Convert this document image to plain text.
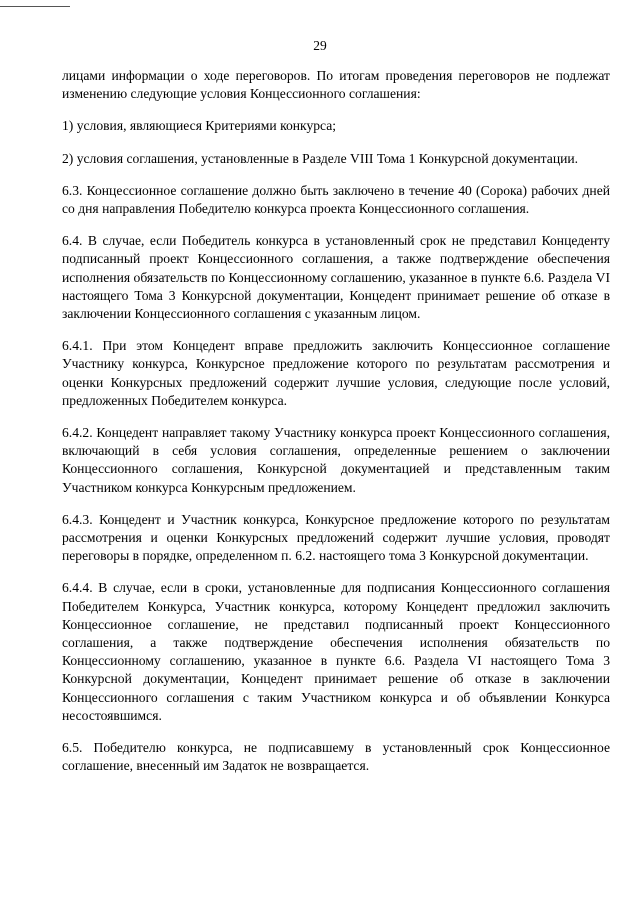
29

лицами информации о ходе переговоров. По итогам проведения переговоров не подлежат изменению следующие условия Концессионного соглашения:

1) условия, являющиеся Критериями конкурса;

2) условия соглашения, установленные в Разделе VIII Тома 1 Конкурсной документации.

6.3. Концессионное соглашение должно быть заключено в течение 40 (Сорока) рабочих дней со дня направления Победителю конкурса проекта Концессионного соглашения.

6.4. В случае, если Победитель конкурса в установленный срок не представил Концеденту подписанный проект Концессионного соглашения, а также подтверждение обеспечения исполнения обязательств по Концессионному соглашению, указанное в пункте 6.6. Раздела VI настоящего Тома 3 Конкурсной документации, Концедент принимает решение об отказе в заключении Концессионного соглашения с указанным лицом.

6.4.1. При этом Концедент вправе предложить заключить Концессионное соглашение Участнику конкурса, Конкурсное предложение которого по результатам рассмотрения и оценки Конкурсных предложений содержит лучшие условия, следующие после условий, предложенных Победителем конкурса.

6.4.2. Концедент направляет такому Участнику конкурса проект Концессионного соглашения, включающий в себя условия соглашения, определенные решением о заключении Концессионного соглашения, Конкурсной документацией и представленным таким Участником конкурса Конкурсным предложением.

6.4.3. Концедент и Участник конкурса, Конкурсное предложение которого по результатам рассмотрения и оценки Конкурсных предложений содержит лучшие условия, проводят переговоры в порядке, определенном п. 6.2. настоящего тома 3 Конкурсной документации.

6.4.4. В случае, если в сроки, установленные для подписания Концессионного соглашения Победителем Конкурса, Участник конкурса, которому Концедент предложил заключить Концессионное соглашение, не представил подписанный проект Концессионного соглашения, а также подтверждение обеспечения исполнения обязательств по Концессионному соглашению, указанное в пункте 6.6. Раздела VI настоящего Тома 3 Конкурсной документации, Концедент принимает решение об отказе в заключении Концессионного соглашения с таким Участником конкурса и об объявлении Конкурса несостоявшимся.

6.5. Победителю конкурса, не подписавшему в установленный срок Концессионное соглашение, внесенный им Задаток не возвращается.
